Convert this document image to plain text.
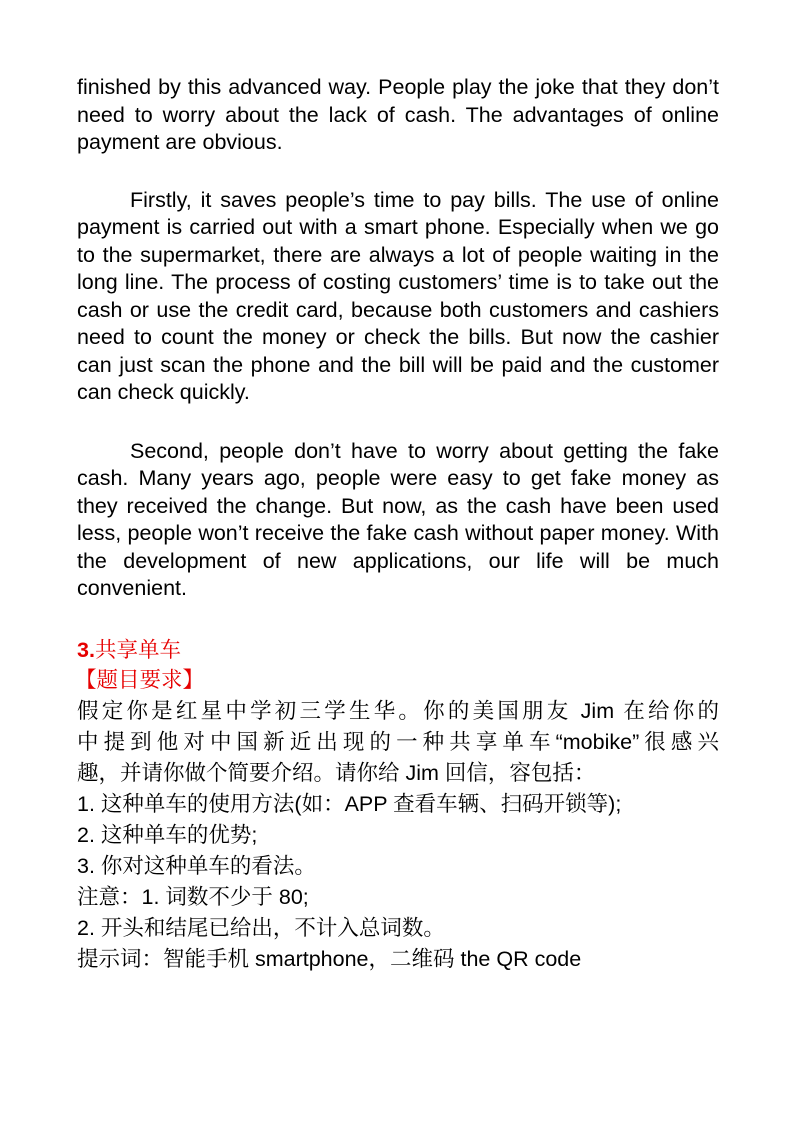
finished by this advanced way. People play the joke that they don’t need to worry about the lack of cash. The advantages of online payment are obvious.

Firstly, it saves people’s time to pay bills. The use of online payment is carried out with a smart phone. Especially when we go to the supermarket, there are always a lot of people waiting in the long line. The process of costing customers’ time is to take out the cash or use the credit card, because both customers and cashiers need to count the money or check the bills. But now the cashier can just scan the phone and the bill will be paid and the customer can check quickly.

Second, people don’t have to worry about getting the fake cash. Many years ago, people were easy to get fake money as they received the change. But now, as the cash have been used less, people won’t receive the fake cash without paper money. With the development of new applications, our life will be much convenient.

3.共享单车
【题目要求】

假定你是红星中学初三学生华。你的美国朋友 Jim 在给你的

中提到他对中国新近出现的一种共享单车“mobike”很感兴

趣，并请你做个简要介绍。请你给 Jim 回信，容包括：

1. 这种单车的使用方法(如：APP 查看车辆、扫码开锁等);

2. 这种单车的优势;

3. 你对这种单车的看法。

注意：1. 词数不少于 80;

2. 开头和结尾已给出，不计入总词数。

提示词：智能手机 smartphone，二维码 the QR code
